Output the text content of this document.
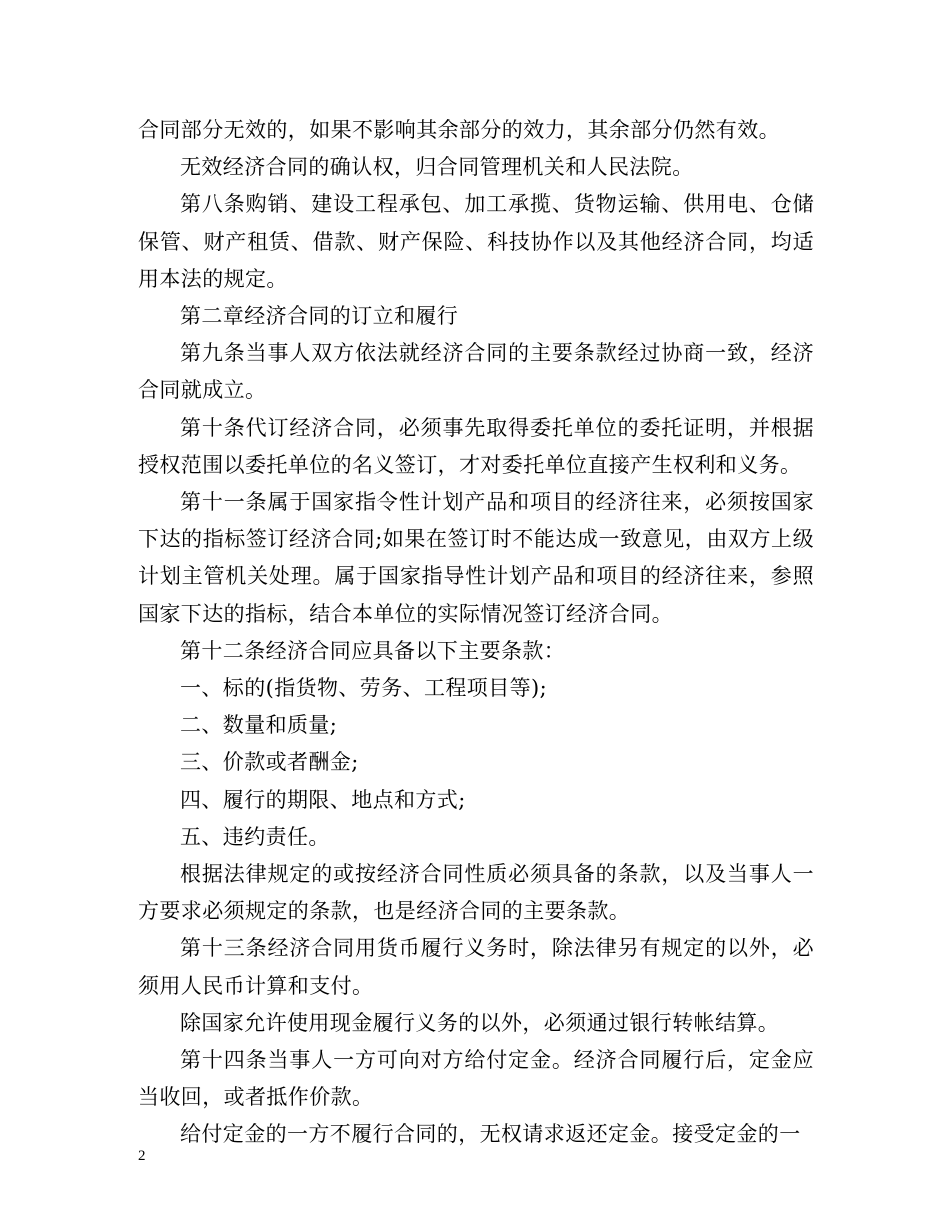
合同部分无效的，如果不影响其余部分的效力，其余部分仍然有效。

无效经济合同的确认权，归合同管理机关和人民法院。

第八条购销、建设工程承包、加工承揽、货物运输、供用电、仓储保管、财产租赁、借款、财产保险、科技协作以及其他经济合同，均适用本法的规定。

第二章经济合同的订立和履行

第九条当事人双方依法就经济合同的主要条款经过协商一致，经济合同就成立。

第十条代订经济合同，必须事先取得委托单位的委托证明，并根据授权范围以委托单位的名义签订，才对委托单位直接产生权利和义务。

第十一条属于国家指令性计划产品和项目的经济往来，必须按国家下达的指标签订经济合同;如果在签订时不能达成一致意见，由双方上级计划主管机关处理。属于国家指导性计划产品和项目的经济往来，参照国家下达的指标，结合本单位的实际情况签订经济合同。

第十二条经济合同应具备以下主要条款：

一、标的(指货物、劳务、工程项目等);

二、数量和质量;

三、价款或者酬金;

四、履行的期限、地点和方式;

五、违约责任。

根据法律规定的或按经济合同性质必须具备的条款，以及当事人一方要求必须规定的条款，也是经济合同的主要条款。

第十三条经济合同用货币履行义务时，除法律另有规定的以外，必须用人民币计算和支付。

除国家允许使用现金履行义务的以外，必须通过银行转帐结算。

第十四条当事人一方可向对方给付定金。经济合同履行后，定金应当收回，或者抵作价款。

给付定金的一方不履行合同的，无权请求返还定金。接受定金的一

2
